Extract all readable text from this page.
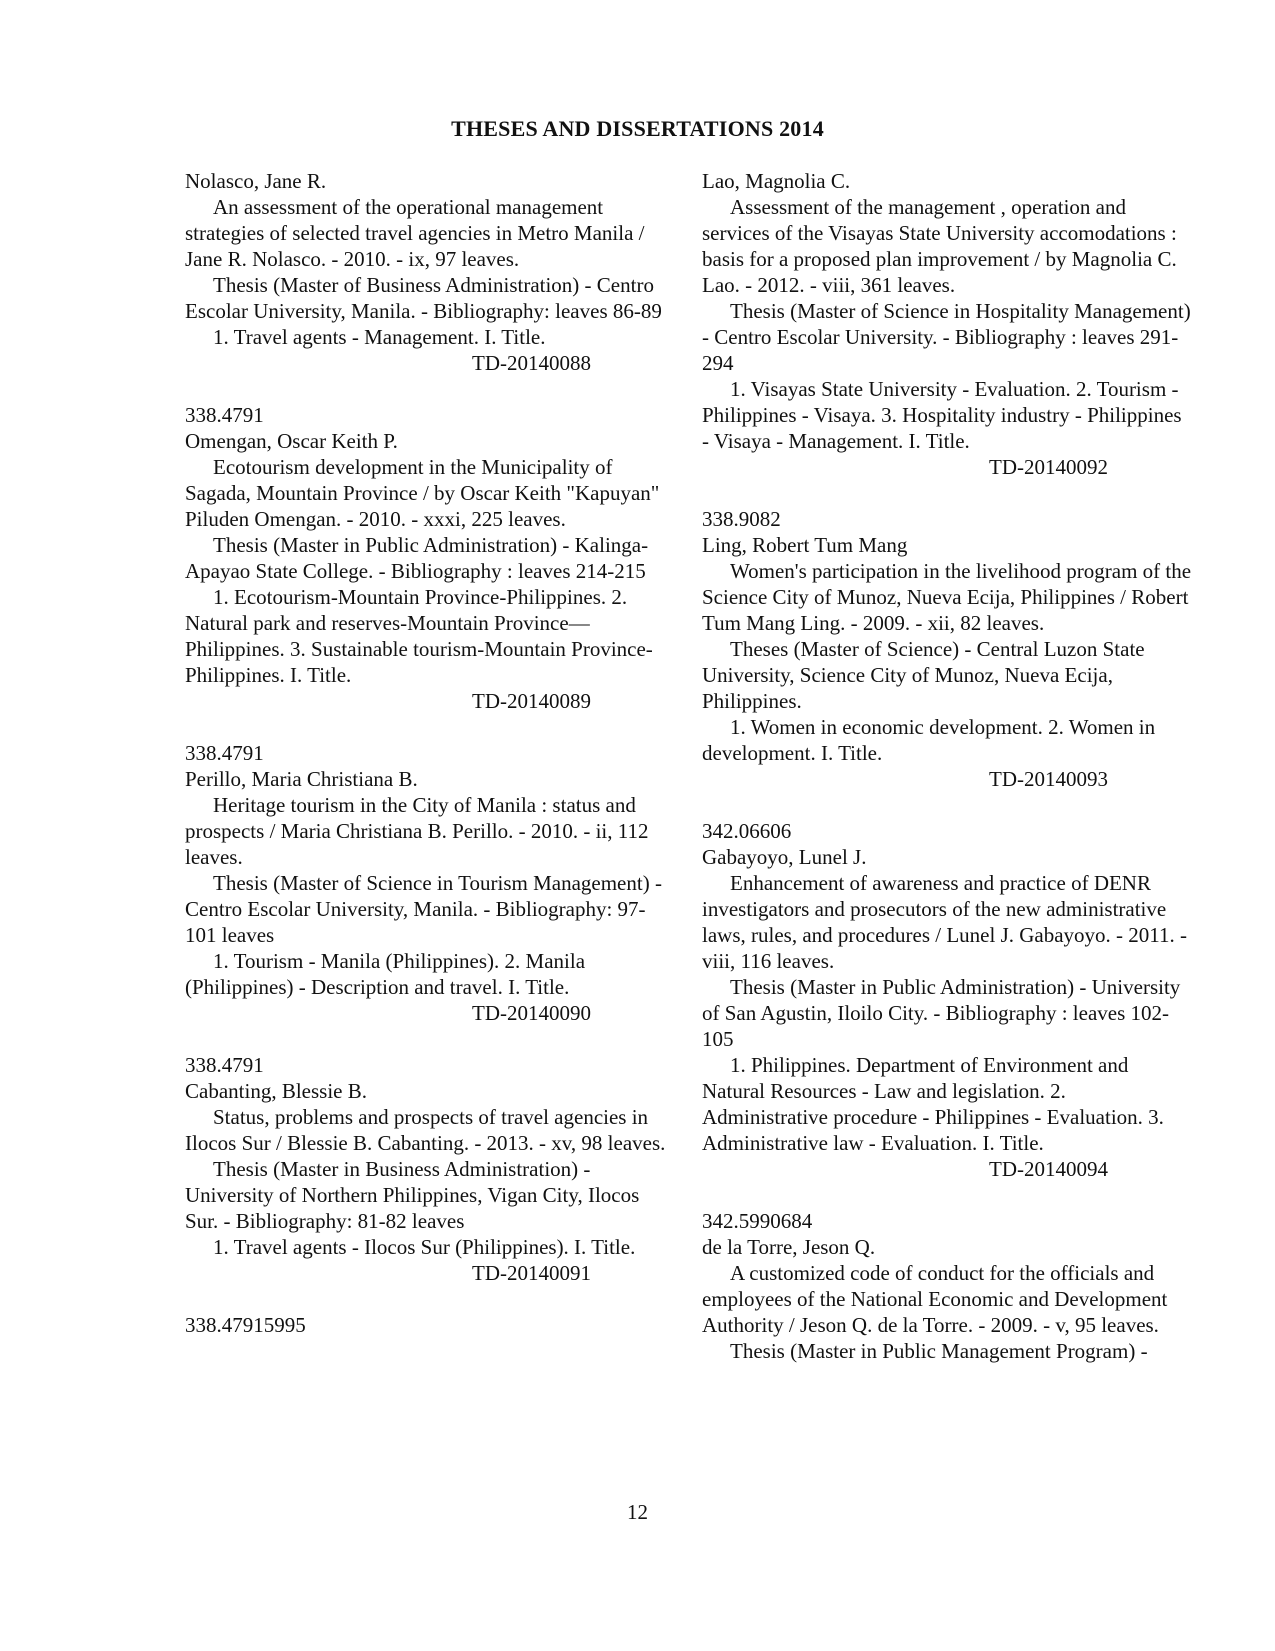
THESES AND DISSERTATIONS 2014
Nolasco, Jane R.
An assessment of the operational management strategies of selected travel agencies in Metro Manila / Jane R. Nolasco. - 2010. - ix, 97 leaves.
Thesis (Master of Business Administration) - Centro Escolar University, Manila. - Bibliography: leaves 86-89
1. Travel agents - Management. I. Title.
TD-20140088
338.4791
Omengan, Oscar Keith P.
Ecotourism development in the Municipality of Sagada, Mountain Province / by Oscar Keith "Kapuyan" Piluden Omengan. - 2010. - xxxi, 225 leaves.
Thesis (Master in Public Administration) - Kalinga-Apayao State College. - Bibliography : leaves 214-215
1. Ecotourism-Mountain Province-Philippines. 2. Natural park and reserves-Mountain Province—Philippines. 3. Sustainable tourism-Mountain Province-Philippines. I. Title.
TD-20140089
338.4791
Perillo, Maria Christiana B.
Heritage tourism in the City of Manila : status and prospects / Maria Christiana B. Perillo. - 2010. - ii, 112 leaves.
Thesis (Master of Science in Tourism Management) - Centro Escolar University, Manila. - Bibliography: 97-101 leaves
1. Tourism - Manila (Philippines). 2. Manila (Philippines) - Description and travel. I. Title.
TD-20140090
338.4791
Cabanting, Blessie B.
Status, problems and prospects of travel agencies in Ilocos Sur / Blessie B. Cabanting. - 2013. - xv, 98 leaves.
Thesis (Master in Business Administration) - University of Northern Philippines, Vigan City, Ilocos Sur. - Bibliography: 81-82 leaves
1. Travel agents - Ilocos Sur (Philippines). I. Title.
TD-20140091
338.47915995
Lao, Magnolia C.
Assessment of the management , operation and services of the Visayas State University accomodations : basis for a proposed plan improvement / by Magnolia C. Lao. - 2012. - viii, 361 leaves.
Thesis (Master of Science in Hospitality Management) - Centro Escolar University. - Bibliography : leaves 291-294
1. Visayas State University - Evaluation. 2. Tourism - Philippines - Visaya. 3. Hospitality industry - Philippines - Visaya - Management. I. Title.
TD-20140092
338.9082
Ling, Robert Tum Mang
Women's participation in the livelihood program of the Science City of Munoz, Nueva Ecija, Philippines / Robert Tum Mang Ling. - 2009. - xii, 82 leaves.
Theses (Master of Science) - Central Luzon State University, Science City of Munoz, Nueva Ecija, Philippines.
1. Women in economic development. 2. Women in development. I. Title.
TD-20140093
342.06606
Gabayoyo, Lunel J.
Enhancement of awareness and practice of DENR investigators and prosecutors of the new administrative laws, rules, and procedures / Lunel J. Gabayoyo. - 2011. - viii, 116 leaves.
Thesis (Master in Public Administration) - University of San Agustin, Iloilo City. - Bibliography : leaves 102-105
1. Philippines. Department of Environment and Natural Resources - Law and legislation. 2. Administrative procedure - Philippines - Evaluation. 3. Administrative law - Evaluation. I. Title.
TD-20140094
342.5990684
de la Torre, Jeson Q.
A customized code of conduct for the officials and employees of the National Economic and Development Authority / Jeson Q. de la Torre. - 2009. - v, 95 leaves.
Thesis (Master in Public Management Program) -
12
